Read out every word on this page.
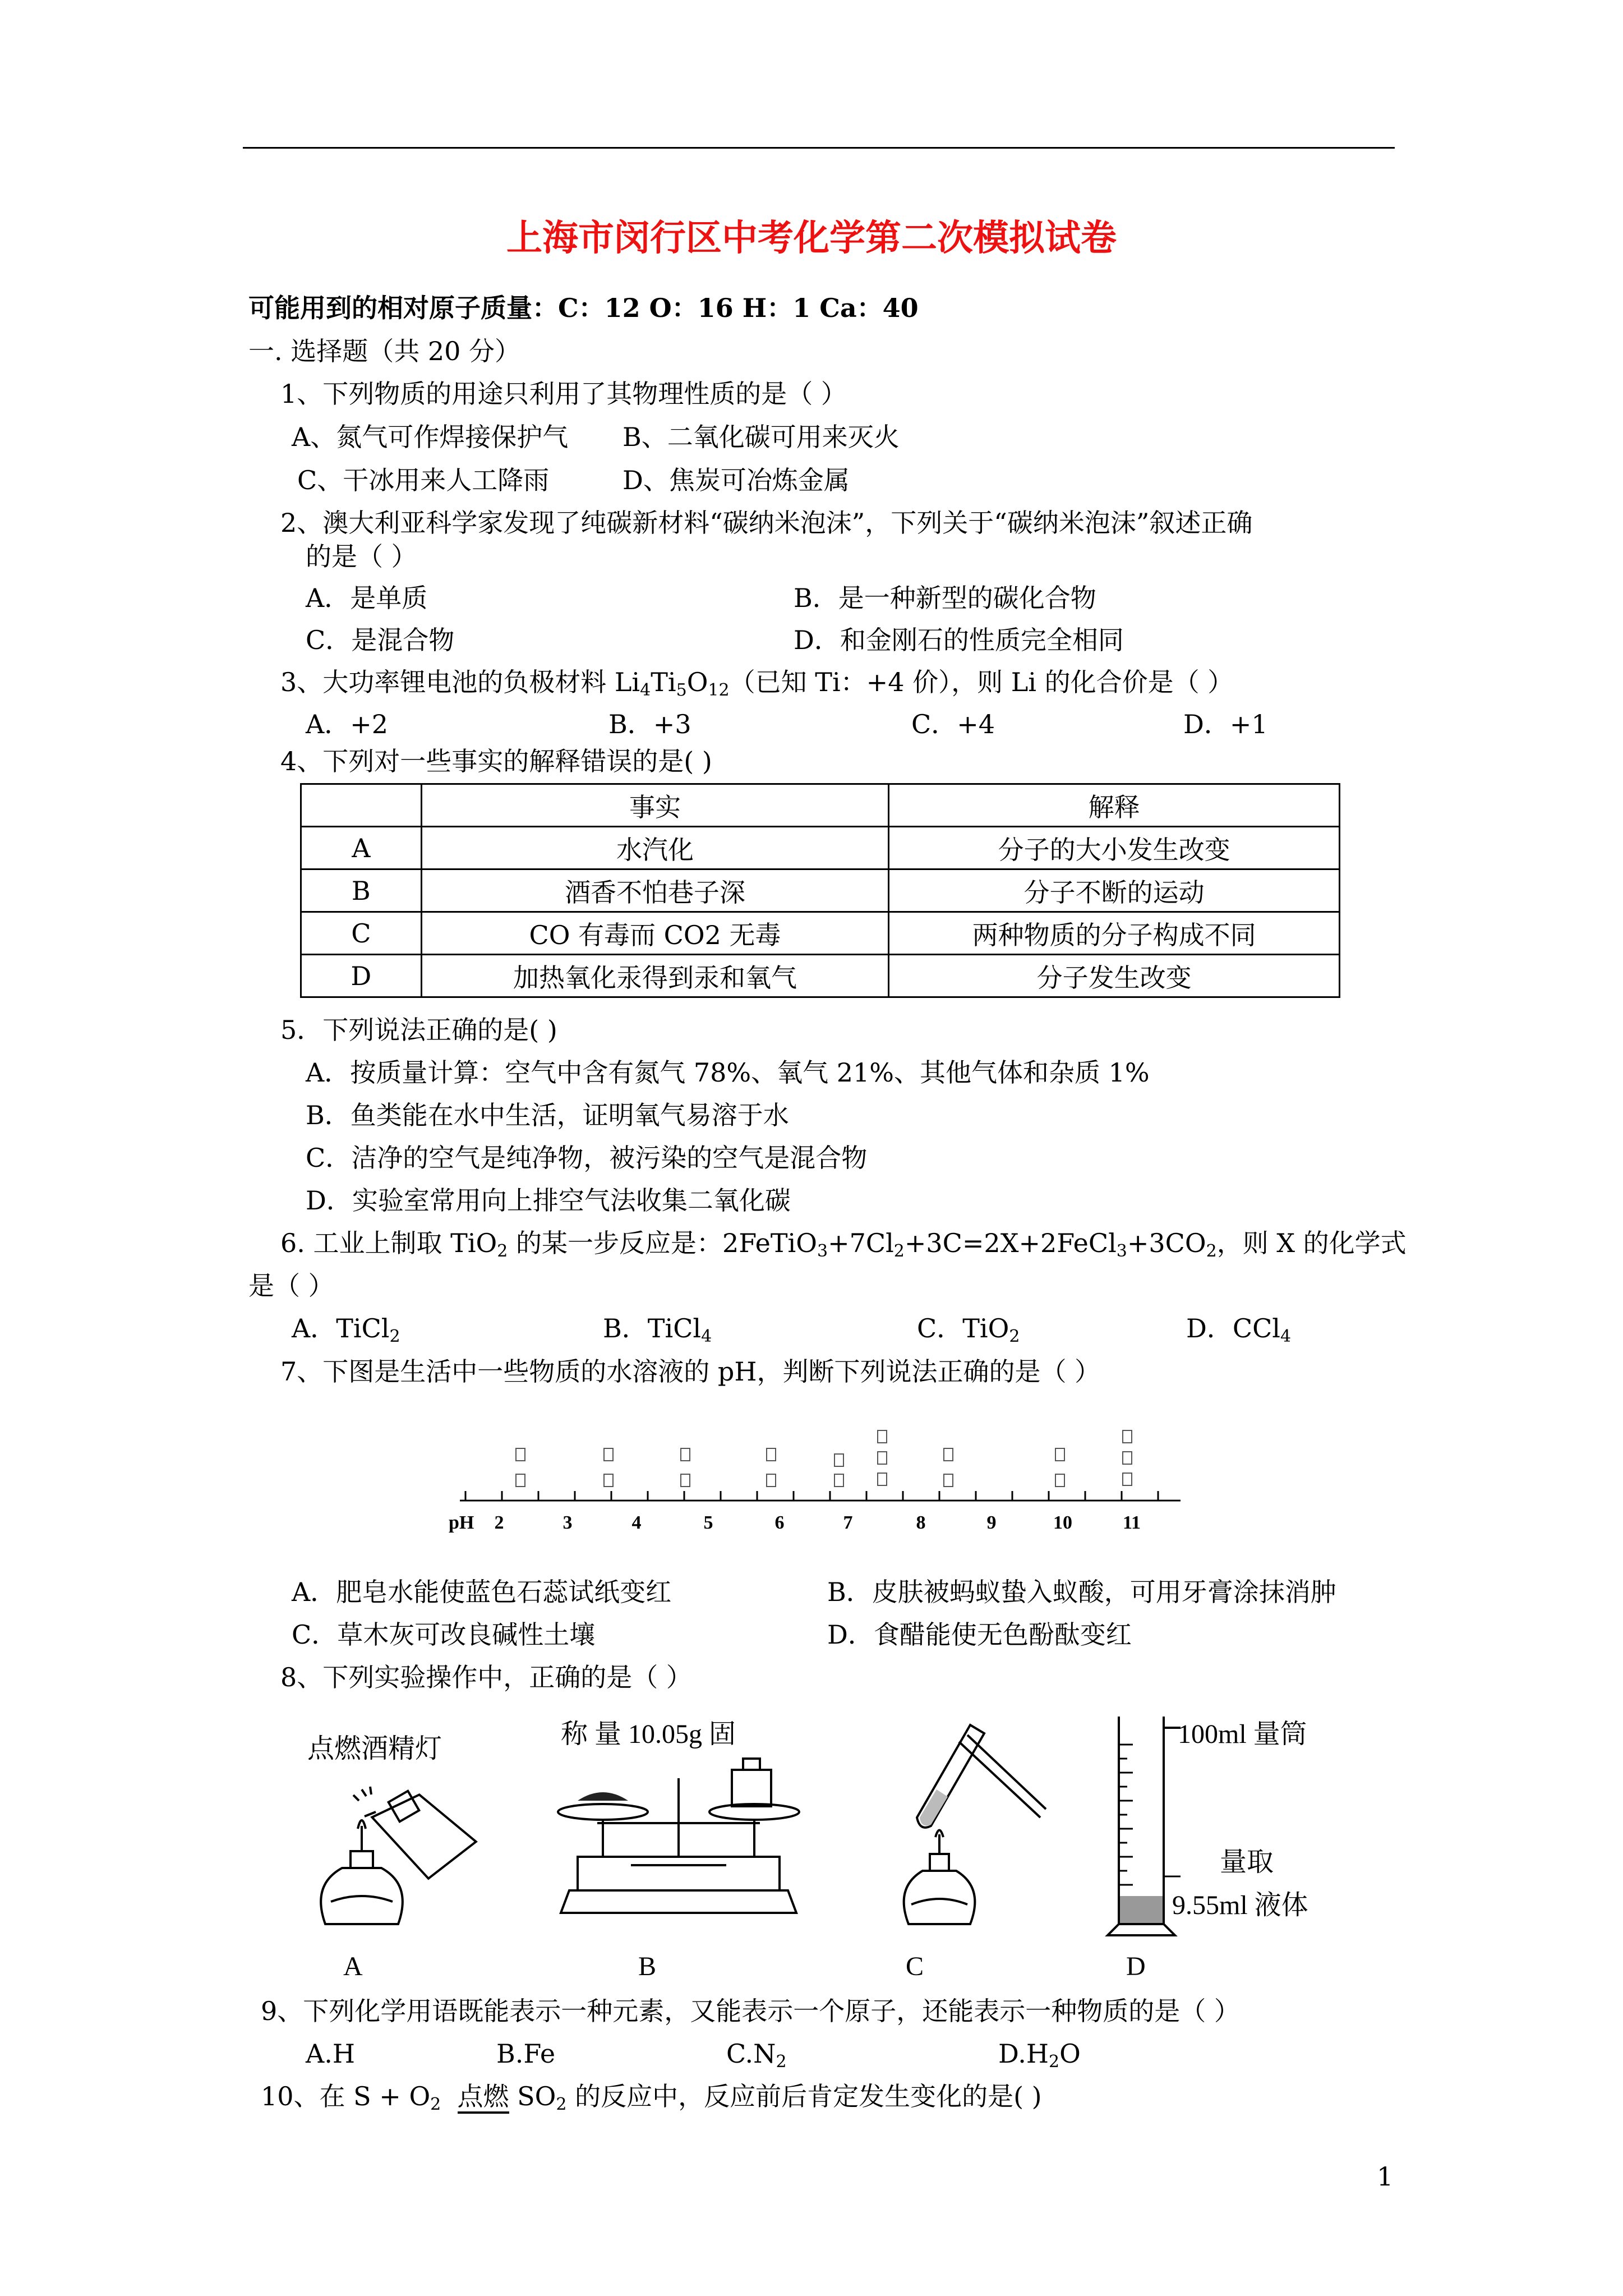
上海市闵行区中考化学第二次模拟试卷
可能用到的相对原子质量：C：12 O：16 H：1 Ca：40
一. 选择题（共 20 分）
1、下列物质的用途只利用了其物理性质的是（ ）
A、氮气可作焊接保护气 B、二氧化碳可用来灭火
C、干冰用来人工降雨	D、焦炭可冶炼金属
2、澳大利亚科学家发现了纯碳新材料“碳纳米泡沫”，下列关于“碳纳米泡沫”叙述正确
的是（ ）
A．是单质	B．是一种新型的碳化合物
C．是混合物	D．和金刚石的性质完全相同
3、大功率锂电池的负极材料 $Li_4Ti_5O_{12}$（已知 Ti：+4 价），则 Li 的化合价是（ ）
A．+2	B．+3	C．+4	D．+1
4、下列对一些事实的解释错误的是( )
	事实	解释
A	水汽化	分子的大小发生改变
B	酒香不怕巷子深	分子不断的运动
C	CO 有毒而 CO2 无毒	两种物质的分子构成不同
D	加热氧化汞得到汞和氧气	分子发生改变
5．下列说法正确的是( )
A．按质量计算：空气中含有氮气 78%、氧气 21%、其他气体和杂质 1%
B．鱼类能在水中生活，证明氧气易溶于水
C．洁净的空气是纯净物，被污染的空气是混合物
D．实验室常用向上排空气法收集二氧化碳
6. 工业上制取 TiO$_2$ 的某一步反应是：$2FeTiO_3+7Cl_2+3C=2X+2FeCl_3+3CO_2$，则 X 的化学式
是（ ）
A．TiCl$_2$	B．TiCl$_4$	C．TiO$_2$	D．CCl$_4$
7、下图是生活中一些物质的水溶液的 pH，判断下列说法正确的是（ ）
pH 2	3	4	5	6	7	8	9	10	11
A．肥皂水能使蓝色石蕊试纸变红	B．皮肤被蚂蚁蛰入蚁酸，可用牙膏涂抹消肿
C．草木灰可改良碱性土壤	D．食醋能使无色酚酞变红
8、下列实验操作中，正确的是（ ）
点燃酒精灯	称 量 10.05g 固	100ml 量筒
量取
9.55ml 液体
A	B	C	D
9、下列化学用语既能表示一种元素，又能表示一个原子，还能表示一种物质的是（ ）
A.H	B.Fe	$C.N_2$	$D.H_2O$
10、在 $S + O_2$ 点燃 $SO_2$ 的反应中，反应前后肯定发生变化的是( )
1
